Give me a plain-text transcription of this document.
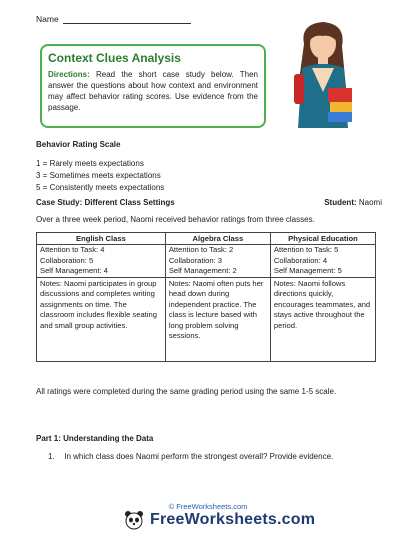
Name
Context Clues Analysis
Directions: Read the short case study below. Then answer the questions about how context and environment may affect behavior rating scores. Use evidence from the passage.
Behavior Rating Scale
1 = Rarely meets expectations
3 = Sometimes meets expectations
5 = Consistently meets expectations
Case Study: Different Class Settings	Student: Naomi
Over a three week period, Naomi received behavior ratings from three classes.
English Class	Algebra Class	Physical Education

Attention to Task: 4
Collaboration: 5
Self Management: 4	Attention to Task: 2
Collaboration: 3
Self Management: 2	Attention to Task: 5
Collaboration: 4
Self Management: 5

Notes: Naomi participates in group discussions and completes writing assignments on time. The classroom includes flexible seating and small group activities.	Notes: Naomi often puts her head down during independent practice. The class is lecture based with long problem solving sessions.	Notes: Naomi follows directions quickly, encourages teammates, and stays active throughout the period.
All ratings were completed during the same grading period using the same 1-5 scale.
Part 1: Understanding the Data
1. In which class does Naomi perform the strongest overall? Provide evidence.
© FreeWorksheets.com
FreeWorksheets.com
